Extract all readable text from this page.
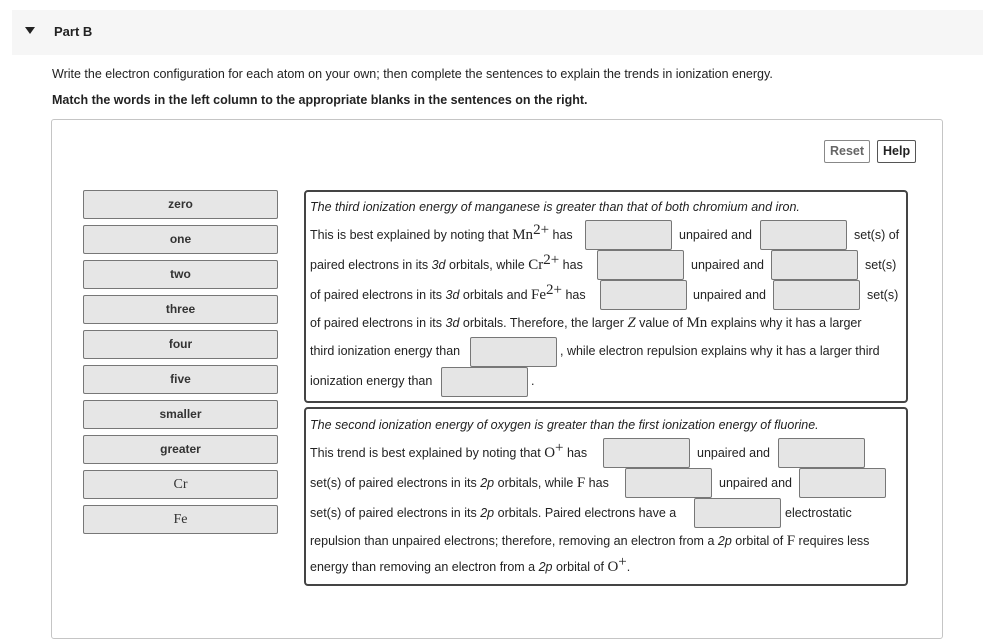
Part B
Write the electron configuration for each atom on your own; then complete the sentences to explain the trends in ionization energy.
Match the words in the left column to the appropriate blanks in the sentences on the right.
Reset	Help
zero
one
two
three
four
five
smaller
greater
Cr
Fe
The third ionization energy of manganese is greater than that of both chromium and iron.
This is best explained by noting that $Mn^{2+}$ has	unpaired and	set(s) of
paired electrons in its 3d orbitals, while $Cr^{2+}$ has	unpaired and	set(s)
of paired electrons in its 3d orbitals and $Fe^{2+}$ has	unpaired and	set(s)
of paired electrons in its 3d orbitals. Therefore, the larger Z value of Mn explains why it has a larger
third ionization energy than	, while electron repulsion explains why it has a larger third
ionization energy than	.
The second ionization energy of oxygen is greater than the first ionization energy of fluorine.
This trend is best explained by noting that O+ has	unpaired and
set(s) of paired electrons in its 2p orbitals, while F has	unpaired and
set(s) of paired electrons in its 2p orbitals. Paired electrons have a	electrostatic
repulsion than unpaired electrons; therefore, removing an electron from a 2p orbital of F requires less
energy than removing an electron from a 2p orbital of O+.
